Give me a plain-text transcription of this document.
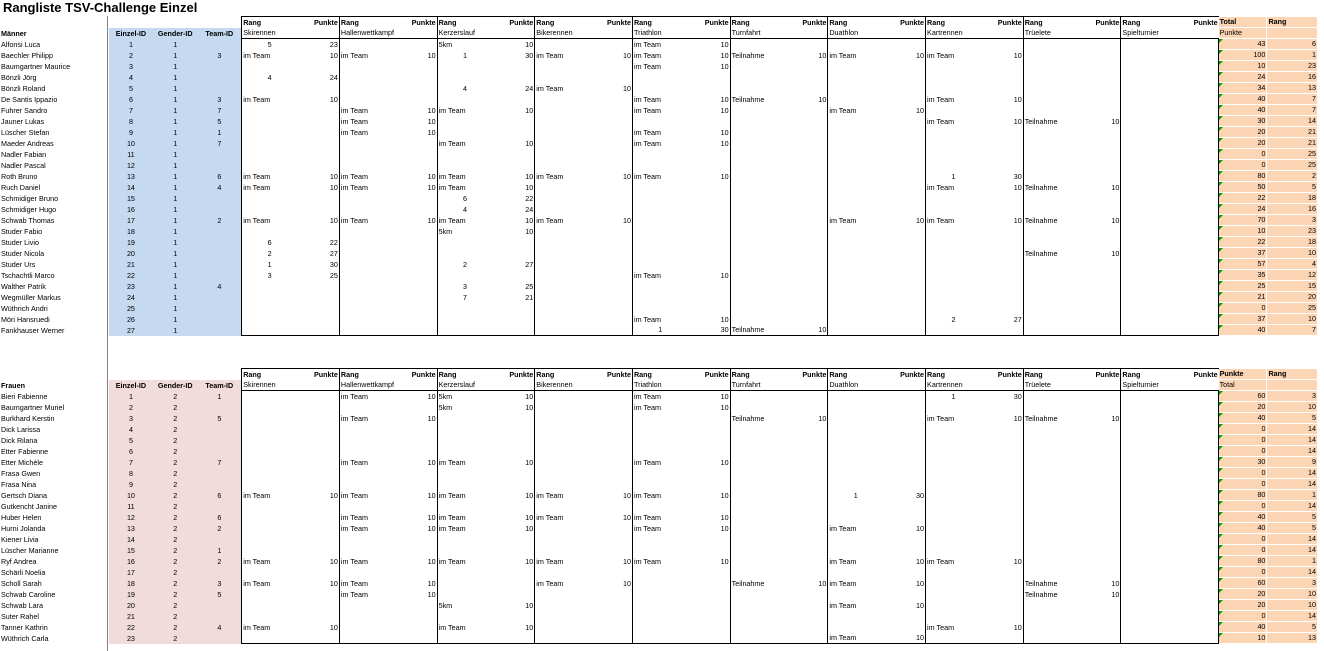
Rangliste TSV-Challenge Einzel
				Rang	Punkte	Rang	Punkte	Rang	Punkte	Rang	Punkte	Rang	Punkte	Rang	Punkte	Rang	Punkte	Rang	Punkte	Rang	Punkte	Rang	Punkte	Total	Rang
Männer	Einzel-ID	Gender-ID	Team-ID	Skirennen		Hallenwettkampf		Kerzerslauf		Bikerennen		Triathlon		Turnfahrt		Duathlon		Kartrennen		Trüelete		Spielturnier		Punkte	
Alfonsi Luca	1	1		5	23			5km	10			im Team	10											43	6
Baechler Philipp	2	1	3	im Team	10	im Team	10	1	30	im Team	10	im Team	10	Teilnahme	10	im Team	10	im Team	10					100	1
Baumgartner Maurice	3	1										im Team	10											10	23
Bönzli Jörg	4	1		4	24																			24	16
Bönzli Roland	5	1						4	24	im Team	10													34	13
De Santis Ippazio	6	1	3	im Team	10							im Team	10	Teilnahme	10			im Team	10					40	7
Fuhrer Sandro	7	1	7			im Team	10	im Team	10			im Team	10			im Team	10							40	7
Jauner Lukas	8	1	5			im Team	10											im Team	10	Teilnahme	10			30	14
Lüscher Stefan	9	1	1			im Team	10					im Team	10											20	21
Maeder Andreas	10	1	7					im Team	10			im Team	10											20	21
Nadler Fabian	11	1																						0	25
Nadler Pascal	12	1																						0	25
Roth Bruno	13	1	6	im Team	10	im Team	10	im Team	10	im Team	10	im Team	10					1	30					80	2
Ruch Daniel	14	1	4	im Team	10	im Team	10	im Team	10									im Team	10	Teilnahme	10			50	5
Schmidiger Bruno	15	1						6	22															22	18
Schmidiger Hugo	16	1						4	24															24	16
Schwab Thomas	17	1	2	im Team	10	im Team	10	im Team	10	im Team	10					im Team	10	im Team	10	Teilnahme	10			70	3
Studer Fabio	18	1						5km	10															10	23
Studer Livio	19	1		6	22																			22	18
Studer Nicola	20	1		2	27															Teilnahme	10			37	10
Studer Urs	21	1		1	30			2	27															57	4
Tschachtli Marco	22	1		3	25							im Team	10											35	12
Walther Patrik	23	1	4					3	25															25	15
Wegmüller Markus	24	1						7	21															21	20
Wüthrich Andri	25	1																						0	25
Möri Hansruedi	26	1										im Team	10					2	27					37	10
Fankhauser Werner	27	1										1	30	Teilnahme	10									40	7
				Rang	Punkte	Rang	Punkte	Rang	Punkte	Rang	Punkte	Rang	Punkte	Rang	Punkte	Rang	Punkte	Rang	Punkte	Rang	Punkte	Rang	Punkte	Punkte	Rang
Frauen	Einzel-ID	Gender-ID	Team-ID	Skirennen		Hallenwettkampf		Kerzerslauf		Bikerennen		Triathlon		Turnfahrt		Duathlon		Kartrennen		Trüelete		Spielturnier		Total	
Bieri Fabienne	1	2	1			im Team	10	5km	10			im Team	10					1	30					60	3
Baumgartner Muriel	2	2						5km	10			im Team	10											20	10
Burkhard Kerstin	3	2	5			im Team	10							Teilnahme	10			im Team	10	Teilnahme	10			40	5
Dick Larissa	4	2																						0	14
Dick Rilana	5	2																						0	14
Etter Fabienne	6	2																						0	14
Etter Michèle	7	2	7			im Team	10	im Team	10			im Team	10											30	9
Frasa Gwen	8	2																						0	14
Frasa Nina	9	2																						0	14
Gertsch Diana	10	2	6	im Team	10	im Team	10	im Team	10	im Team	10	im Team	10			1	30							80	1
Gutkencht Janine	11	2																						0	14
Huber Helen	12	2	6			im Team	10	im Team	10	im Team	10	im Team	10											40	5
Hurni Jolanda	13	2	2			im Team	10	im Team	10			im Team	10			im Team	10							40	5
Kiener Livia	14	2																						0	14
Lüscher Marianne	15	2	1																					0	14
Ryf Andrea	16	2	2	im Team	10	im Team	10	im Team	10	im Team	10	im Team	10			im Team	10	im Team	10					80	1
Schärli Noelia	17	2																						0	14
Scholl Sarah	18	2	3	im Team	10	im Team	10			im Team	10			Teilnahme	10	im Team	10			Teilnahme	10			60	3
Schwab Caroline	19	2	5			im Team	10													Teilnahme	10			20	10
Schwab Lara	20	2						5km	10							im Team	10							20	10
Suter Rahel	21	2																						0	14
Tanner Kathrin	22	2	4	im Team	10			im Team	10									im Team	10					40	5
Wüthrich Carla	23	2														im Team	10							10	13
